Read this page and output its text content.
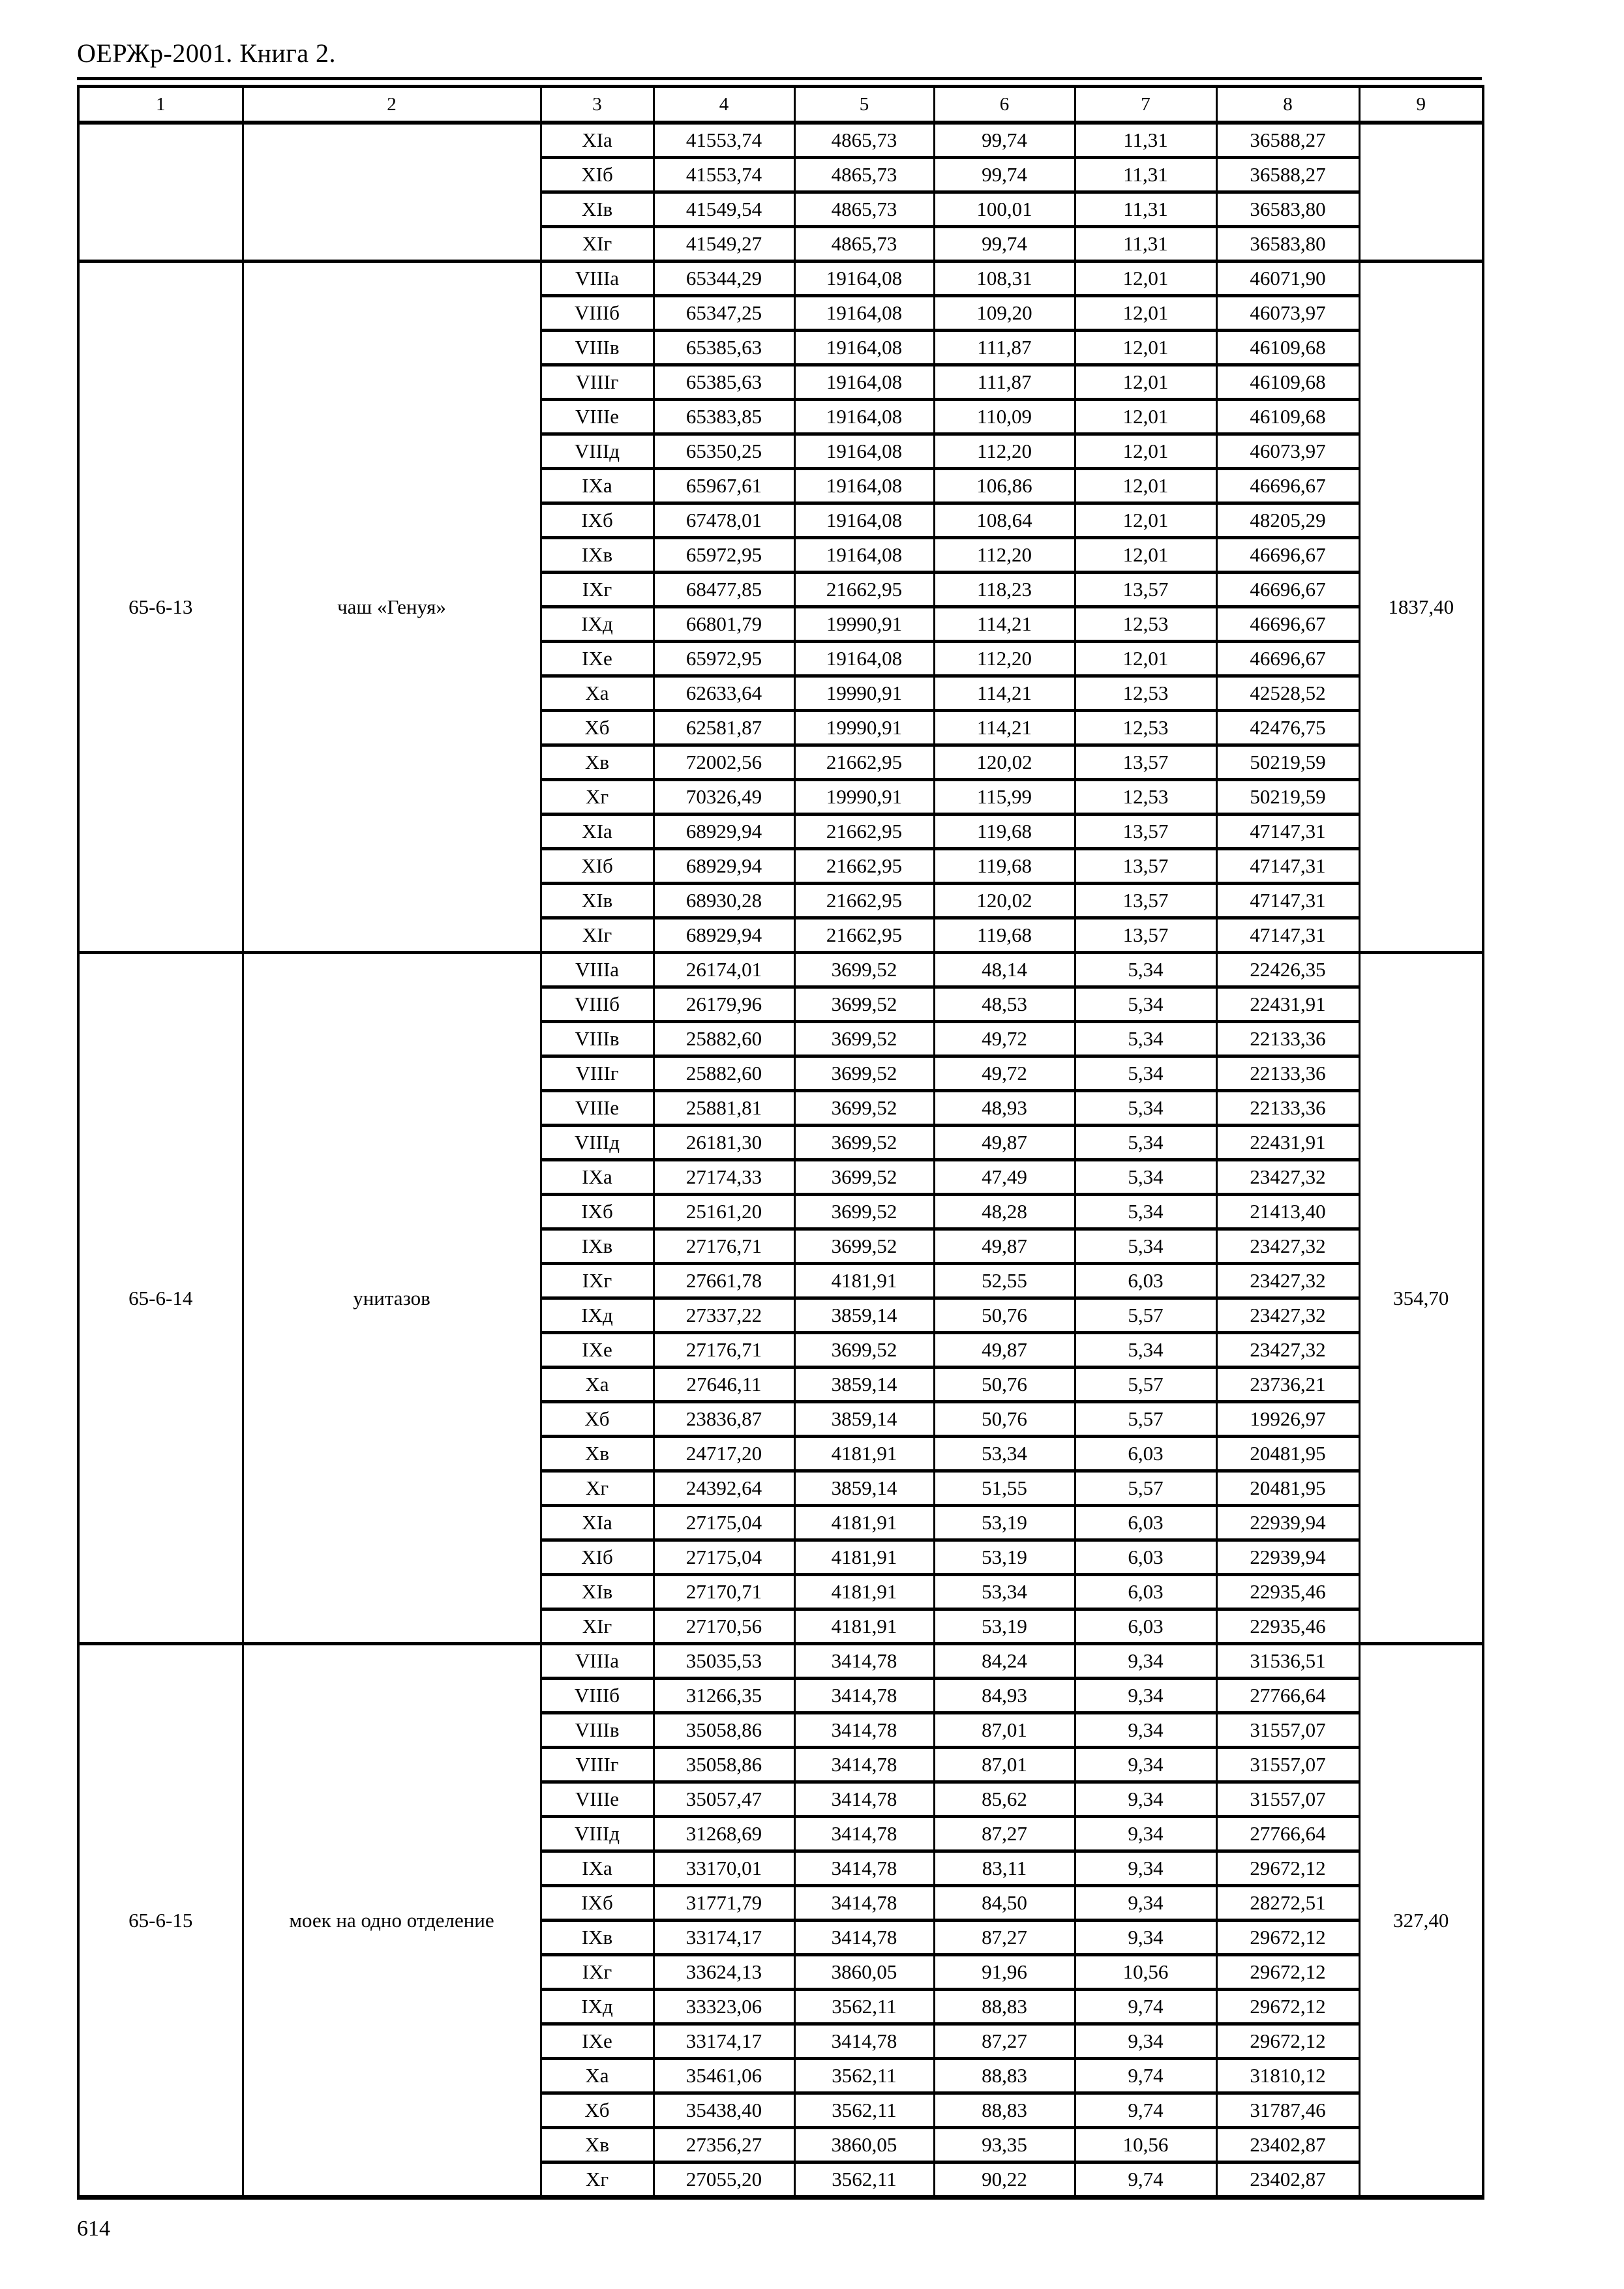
ОЕРЖр-2001. Книга 2.
1	2	3	4	5	6	7	8	9
		XIа	41553,74	4865,73	99,74	11,31	36588,27	
		XIб	41553,74	4865,73	99,74	11,31	36588,27	
		XIв	41549,54	4865,73	100,01	11,31	36583,80	
		XIг	41549,27	4865,73	99,74	11,31	36583,80	
65-6-13	чаш «Генуя»	VIIIа	65344,29	19164,08	108,31	12,01	46071,90	1837,40
		VIIIб	65347,25	19164,08	109,20	12,01	46073,97	
		VIIIв	65385,63	19164,08	111,87	12,01	46109,68	
		VIIIг	65385,63	19164,08	111,87	12,01	46109,68	
		VIIIе	65383,85	19164,08	110,09	12,01	46109,68	
		VIIIд	65350,25	19164,08	112,20	12,01	46073,97	
		IXа	65967,61	19164,08	106,86	12,01	46696,67	
		IXб	67478,01	19164,08	108,64	12,01	48205,29	
		IXв	65972,95	19164,08	112,20	12,01	46696,67	
		IXг	68477,85	21662,95	118,23	13,57	46696,67	
		IXд	66801,79	19990,91	114,21	12,53	46696,67	
		IXе	65972,95	19164,08	112,20	12,01	46696,67	
		Xа	62633,64	19990,91	114,21	12,53	42528,52	
		Xб	62581,87	19990,91	114,21	12,53	42476,75	
		Xв	72002,56	21662,95	120,02	13,57	50219,59	
		Xг	70326,49	19990,91	115,99	12,53	50219,59	
		XIа	68929,94	21662,95	119,68	13,57	47147,31	
		XIб	68929,94	21662,95	119,68	13,57	47147,31	
		XIв	68930,28	21662,95	120,02	13,57	47147,31	
		XIг	68929,94	21662,95	119,68	13,57	47147,31	
65-6-14	унитазов	VIIIа	26174,01	3699,52	48,14	5,34	22426,35	354,70
		VIIIб	26179,96	3699,52	48,53	5,34	22431,91	
		VIIIв	25882,60	3699,52	49,72	5,34	22133,36	
		VIIIг	25882,60	3699,52	49,72	5,34	22133,36	
		VIIIе	25881,81	3699,52	48,93	5,34	22133,36	
		VIIIд	26181,30	3699,52	49,87	5,34	22431,91	
		IXа	27174,33	3699,52	47,49	5,34	23427,32	
		IXб	25161,20	3699,52	48,28	5,34	21413,40	
		IXв	27176,71	3699,52	49,87	5,34	23427,32	
		IXг	27661,78	4181,91	52,55	6,03	23427,32	
		IXд	27337,22	3859,14	50,76	5,57	23427,32	
		IXе	27176,71	3699,52	49,87	5,34	23427,32	
		Xа	27646,11	3859,14	50,76	5,57	23736,21	
		Xб	23836,87	3859,14	50,76	5,57	19926,97	
		Xв	24717,20	4181,91	53,34	6,03	20481,95	
		Xг	24392,64	3859,14	51,55	5,57	20481,95	
		XIа	27175,04	4181,91	53,19	6,03	22939,94	
		XIб	27175,04	4181,91	53,19	6,03	22939,94	
		XIв	27170,71	4181,91	53,34	6,03	22935,46	
		XIг	27170,56	4181,91	53,19	6,03	22935,46	
65-6-15	моек на одно отделение	VIIIа	35035,53	3414,78	84,24	9,34	31536,51	327,40
		VIIIб	31266,35	3414,78	84,93	9,34	27766,64	
		VIIIв	35058,86	3414,78	87,01	9,34	31557,07	
		VIIIг	35058,86	3414,78	87,01	9,34	31557,07	
		VIIIе	35057,47	3414,78	85,62	9,34	31557,07	
		VIIIд	31268,69	3414,78	87,27	9,34	27766,64	
		IXа	33170,01	3414,78	83,11	9,34	29672,12	
		IXб	31771,79	3414,78	84,50	9,34	28272,51	
		IXв	33174,17	3414,78	87,27	9,34	29672,12	
		IXг	33624,13	3860,05	91,96	10,56	29672,12	
		IXд	33323,06	3562,11	88,83	9,74	29672,12	
		IXе	33174,17	3414,78	87,27	9,34	29672,12	
		Xа	35461,06	3562,11	88,83	9,74	31810,12	
		Xб	35438,40	3562,11	88,83	9,74	31787,46	
		Xв	27356,27	3860,05	93,35	10,56	23402,87	
		Xг	27055,20	3562,11	90,22	9,74	23402,87	
614
